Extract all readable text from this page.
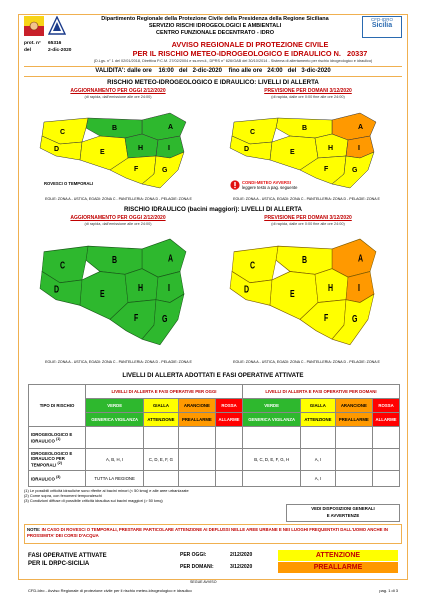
Dipartimento Regionale della Protezione Civile della Presidenza della Regione Siciliana
SERVIZIO RISCHI IDROGEOLOGICI E AMBIENTALI
CENTRO FUNZIONALE DECENTRATO - IDRO
CFD-IDRO
Sicilia
prot. n°	65316
del	2-dic-2020
AVVISO REGIONALE DI PROTEZIONE CIVILE
PER IL RISCHIO METEO-IDROGEOLOGICO E IDRAULICO N. 20337
(D.Lgs. n° 1 del 02/01/2018, Direttiva P.C.M. 27/02/2004 e ss.mm.ii., DPRS n° 626/GAB del 30/10/2014 - Sistema di allertamento per rischio idrogeologico e idraulico)
VALIDITA': dalle ore 16:00 del 2-dic-2020 fino alle ore 24:00 del 3-dic-2020
RISCHIO METEO-IDROGEOLOGICO E IDRAULICO: LIVELLI DI ALLERTA
AGGIORNAMENTO PER OGGI 2/12/2020
(di rapida, dall'emissione alle ore 24:00)
PREVISIONE PER DOMANI 3/12/2020
(di rapida, dalle ore 0:00 fine alle ore 24:00)
A
B
C
D	E
H	I
F	G
ROVESCI O TEMPORALI
A
B
C
D	E
H	I
F	G
CONDI-METEO AVVERSI
leggere testo a pag. seguente
EOLIE: ZONA A - USTICA, EGADI: ZONA C - PANTELLERIA: ZONA D - PELAGIE: ZONA E	EOLIE: ZONA A - USTICA, EGADI: ZONA C - PANTELLERIA: ZONA D - PELAGIE: ZONA E
RISCHIO IDRAULICO (bacini maggiori): LIVELLI DI ALLERTA
AGGIORNAMENTO PER OGGI 2/12/2020
(di rapida, dall'emissione alle ore 24:00)
PREVISIONE PER DOMANI 3/12/2020
(di rapida, dalle ore 0:00 fine alle ore 24:00)
A
B
C
D	E	H	I
F	G
A
B
C
D	E	H	I
F	G
EOLIE: ZONA A - USTICA, EGADI: ZONA C - PANTELLERIA: ZONA D - PELAGIE: ZONA E	EOLIE: ZONA A - USTICA, EGADI: ZONA C - PANTELLERIA: ZONA D - PELAGIE: ZONA E
LIVELLI DI ALLERTA ADOTTATI E FASI OPERATIVE ATTIVATE
TIPO DI RISCHIO	LIVELLI DI ALLERTA E FASI OPERATIVE PER OGGI				LIVELLI DI ALLERTA E FASI OPERATIVE PER DOMANI			
	VERDE	GIALLA	ARANCIONE	ROSSA	VERDE	GIALLA	ARANCIONE	ROSSA
	GENERICA VIGILANZA	ATTENZIONE	PREALLARME	ALLARME	GENERICA VIGILANZA	ATTENZIONE	PREALLARME	ALLARME
IDROGEOLOGICO E IDRAULICO $^{(1)}$								
IDROGEOLOGICO E IDRAULICO PER TEMPORALI $^{(2)}$	A, B, H, I	C, D, E, F, G			B, C, D, E, F, G, H	A, I		
IDRAULICO $^{(3)}$	TUTTA LA REGIONE					A, I		
(1) Le possibili criticità idrauliche sono riferite ai bacini minori (< 50 kmq) e alle aree urbanizzate
(2) Come sopra, con fenomeni temporaleschi
(3) Condizioni diffuse di possibile criticità idraulica sui bacini maggiori (> 50 kmq)
VEDI DISPOSIZIONI GENERALI
E AVVERTENZE
NOTE: IN CASO DI ROVESCI O TEMPORALI, PRESTARE PARTICOLARE ATTENZIONE AI DEFLUSSI NELLE AREE URBANE E NEI LUOGHI FREQUENTATI DALL'UOMO ANCHE IN PROSSIMITA' DEI CORSI D'ACQUA
FASI OPERATIVE ATTIVATE
PER IL DRPC-SICILIA
PER OGGI:	2/12/2020	ATTENZIONE
PER DOMANI:	3/12/2020	PREALLARME
SEGUE AVVISO
CFD-Idro - Avviso Regionale di protezione civile per il rischio meteo-idrogeologico e idraulico	pag. 1 di 3
